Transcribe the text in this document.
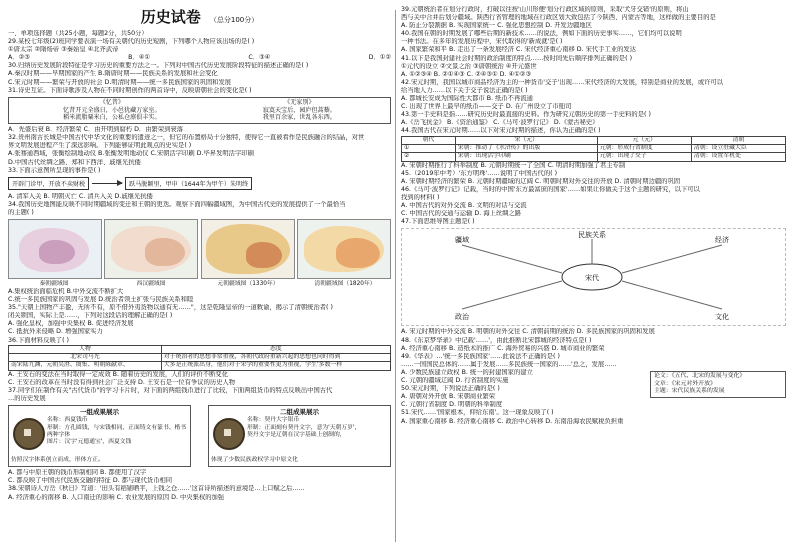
历史试卷 （总分100分）
一、单项选择题（共25小题，每题2分，共50分）
29.某校七年级(2)班同学要表演一场有关朝代的历史短剧，下列哪个人物应该出场的是( )
①唐太宗 ②隋炀帝 ③秦始皇 ④北齐武帝
A．②③	B．④①	C．③④	D．①②
30.归纳历史发展阶段特征是学习历史的重要方法之一。下列对中国古代历史发展阶段特征的描述正确的是( )
A.秦汉时期——早期国家的产生 B.隋唐时期——民族关系的发展和社会变化
C.宋元时期——繁荣与开放的社会 D.明清时期——统一多民族国家的巩固和发展
31.诗史互证。下面诗歌涉及人物在不同时期创作的两首诗中，反映唐朝社会的变化是( )
《忆昔》
忆昔开元全盛日，小邑犹藏万家室。
稻米流脂粟米白，公私仓廪俱丰实。
《无家别》
寂寞天宝后，园庐但蒿藜。
我里百余家，世乱各东西。
A．先盛后衰 B．经济繁荣 C．由开明到腐朽 D．由繁荣到衰落
32.贵州南古长城是中国古代中华文化的重要的遗迹之一，但它的布置格局十分独特，使得它一直被看作是民族融合的结晶，对世
界文明发展进程产生了深远影响。下列能够证明此观点的史实是( )
A.张骞通西域，张衡绘制地动仪 B.张衡发明地动仪 C.宋朝活字印刷 D.毕昇发明活字印刷
D.中国古代丝绸之路、郑和下西洋、戚继光抗倭
33.下面示意图所呈现的事件是( )
开辟门诊甲，开放不卖财税	跃马脱颖里，甲申（1644年为甲午）朱明终
A. 清军入关 B. 明朝灭亡 C. 清兵入关 D.戚继光抗倭
34.我国历史地图能反映不同时期疆域的变迁和王朝的更迭。观察下面四幅疆域图，为中国古代史的发展提供了一个最恰当
的主题( )
秦朝疆域图	西汉疆域图	元朝疆域图（1330年）	清朝疆域图（1820年）
A.集权统治面临危机 B.中外交流不断扩大
C.统一多民族国家的巩固与发展 D.统治者领土扩张与民族关系和睦
35."天朝上国物产丰盈，无所不有，原不借外夷货物以通有无……"，这是乾隆皇帝的一道敕谕，揭示了清朝统治者( )
闭关锁国，实际上是……，下列对这段话的理解正确的是( )
A. 强化皇权，加强中央集权 B. 促进经济发展
C. 抵抗外来侵略 D. 增强国家实力
36.下面材料反映了( )
人物	态度
北宋司马光	对于统治者的思想非常重视，各朝代政府重新兴起的思想也同时得到
南宋陆九渊，元朝吴澄、虞集、明朝陈献章、	大多是正统派出身，他们对于宋学的重要性更为重视，学生'多数一样
A. 王安石的变法在当时取得一定成效 B. 随着历史的发展，人们的评价不断变化
C. 王安石的改革在当时没有得到社会广泛支持 D. 王安石是一位有争议的历史人物
37.同学们在制作有关"古代货币"的学习卡片时，对下面的两组钱币进行了比较，下面两组货币的特点反映出中国古代
…的历史发展
一组成果展示
名称：西夏钱币
形制：方孔圆钱，与宋钱相同，正面铸文有篆书、楷书两种字体
图片：汉字'元德通宝'，西夏文钱
仿照汉字体系创立而成，形体方正。
二组成果展示
名称：契丹大字银币
形制：正面刻有契丹文字，意为'天朝万岁'，
契丹文字是辽朝在汉字基础上创制的，
体现了少数民族政权学习中原文化
A. 都与中原王朝的钱币形制相同 B. 都使用了汉字
C. 都反映了中国古代民族交融的特征 D. 都与现代货币相同
38.宋朝诗人方岳《秋日》写道：'田头有稻铺晒平，上钱之仓……'这首诗所描述的意境是…上口赋之后……
A. 经济重心的南移 B. 人口南迁的影响 C. 农业发展的原因 D. 中央集权的加强
39.元朝统治者在划分行政时，打破以往按'山川形便'划分行政区域的原则，采取'犬牙交错'的原则，将山
西与关中合并后划分疆域。陕西行省管理的地域在行政区划大致包括了今陕西、内蒙古等地，这样做的主要目的是
A. 防止分裂割据 B. 实现国家统一 C. 强化思想控制 D. 开发边疆地区
40.我国在朝的时期发展了哪些后期的新技术……的说法，例如下面的历史事实……，它们均可以说明
一种书法。在多年的发展历程中，宋代取得的'新成就'是( )
A. 国家繁荣和平 B. 走出了一条发展经济 C. 宋代经济重心南移 D. 宋代手工业的发达
41.以下是我国封建社会时期的政治制度的特点……按时间先后顺序排列正确的是( )
①元代的设立 ②文景之治 ③唐朝统治 ④开元盛世
A. ①②③④ B. ②①④③ C. ②④③① D. ④①②③
42.宋元时期，我国以城市商品经济为主的一种货币'交子'出现……宋代经济的大发展，特别是商业的发展，或许可以
给当地人力……以下关于交子说法正确的是( )
A. 都城长安成为国际性大都市 B. 纸币不再流通
C. 出现了世界上最早的纸币——交子 D. 在广州设立了市舶司
43.第一手史料是指……研究历史时最直接的史料。作为研究元朝历史的第一手史料的是( )
A.《岳飞抗金》 B.《资治通鉴》 C.《马可·波罗行记》 D.《蒙古秘史》
44.我国古代在宋元时期……以下对宋元时期的描述，你认为正确的是( )
朝代	宋（元）	元（元）	清朝
①	宋朝：推动了《水浒传》的出版	元朝：形成行省制度	清朝：设立驻藏大臣
②	宋朝：出现活字印刷	元朝：出现了交子	清朝：设置军机处
A. 宋朝时期推行了科举制度 B. 元朝时期统一了全国 C. 明清时期加强了君主专制
45.（2019年中考）'东方明珠'……说明了中国古代的( )
A. 宋朝时期经济的繁荣 B. 元朝时期疆域的辽阔 C. 明朝时期对外交往的开放 D. 清朝时期边疆的巩固
46.《马可·波罗行记》记载，当时的中国'东方最富庶的国家'……如果让你做关于这个主题的研究，以下可以
找到的材料( )
A. 中国古代的对外交流 B. 文明的对话与交流
C. 中国古代的交通与运输 D. 海上丝绸之路
47.下面思维导图主题是( )
宋代
疆域
政治
经济
文化
民族关系
A. 宋元时期的中外交流 B. 明朝的对外交往 C. 清朝前期的统治 D. 多民族国家的巩固和发展
48.《东京梦华录》中记载'……'，由此推断北宋都城的经济特点是( )
A. 经济重心南移 B. 造纸术的推广 C. 海外贸易的兴盛 D. 城市商业的繁荣
49.《华表》…'统一多民族国家'……此说法不正确的是( )
……一国国民总体的……属于发展……多民族统一国家的……'总之，发展……
论文：《五代、北宋的发展与变化》
文章：《宋元对外开放》
主题：宋代民族关系的发展
A. 少数民族建立政权 B. 统一的封建国家的建立
C. 元朝的疆域辽阔 D. 行省制度的实施
50.宋元时期，下列说法正确的是( )
A. 唐朝对外开放 B. 宋朝商业繁荣
C. 元朝行省制度 D. 明朝的科举制度
51.宋代……'国家根本，仰给东南'。这一现象反映了( )
A. 国家重心南移 B. 经济重心南移 C. 政治中心转移 D. 东南沿海农民赋税负担重
